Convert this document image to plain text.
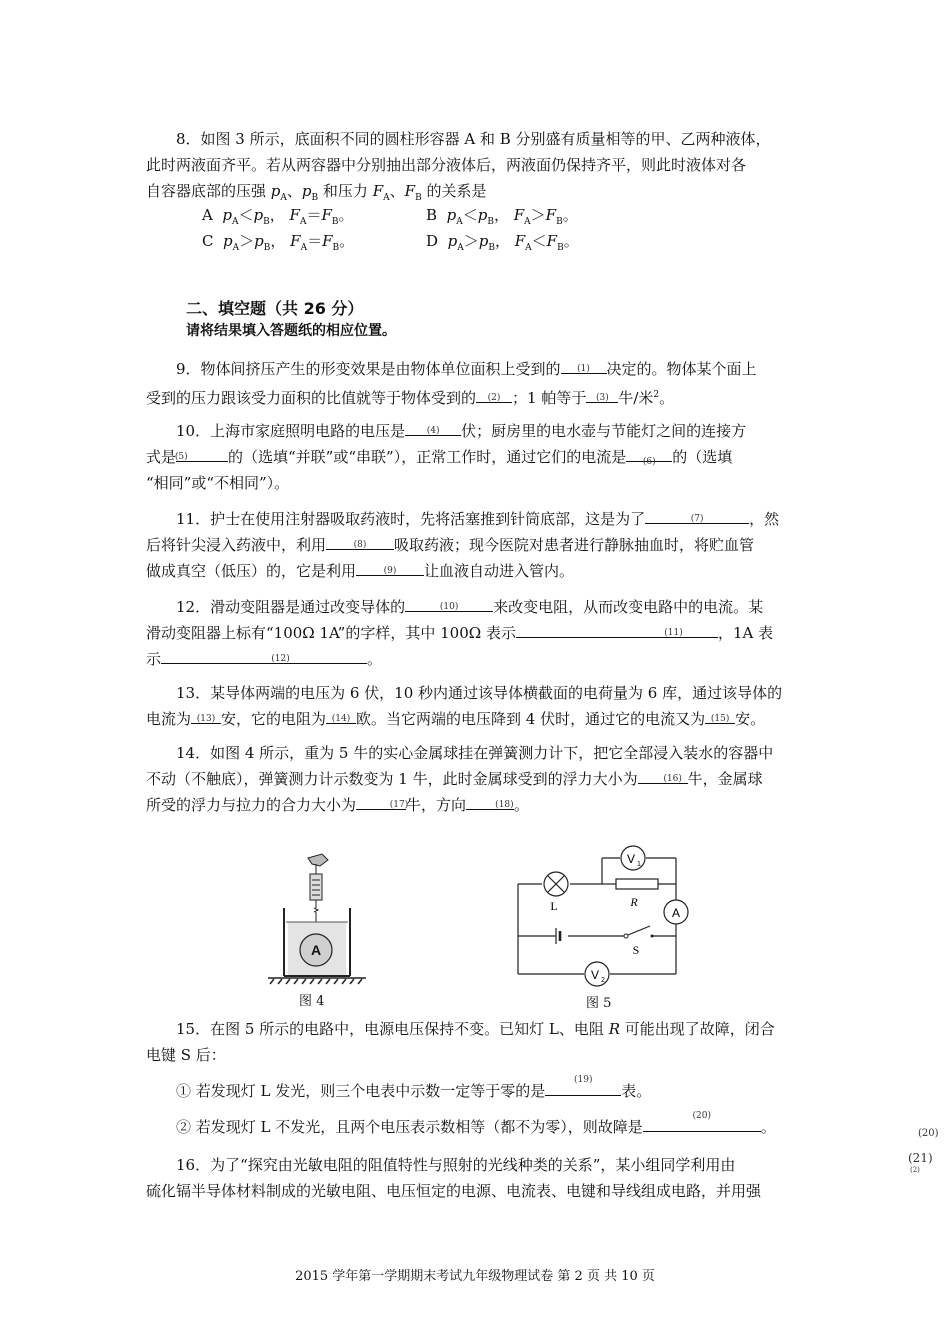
8．如图 3 所示，底面积不同的圆柱形容器 A 和 B 分别盛有质量相等的甲、乙两种液体，
此时两液面齐平。若从两容器中分别抽出部分液体后，两液面仍保持齐平，则此时液体对各
自容器底部的压强 $p_A$、$p_B$ 和压力 $F_A$、$F_B$ 的关系是
A $p_A<p_B$， $F_A=F_B$。	B $p_A<p_B$， $F_A>F_B$。
C $p_A>p_B$， $F_A=F_B$。	D $p_A>p_B$， $F_A<F_B$。
二、填空题（共 26 分）
请将结果填入答题纸的相应位置。
9．物体间挤压产生的形变效果是由物体单位面积上受到的 (1) 决定的。物体某个面上
受到的压力跟该受力面积的比值就等于物体受到的 (2) ；1 帕等于 (3) 牛/米$^2$。
10．上海市家庭照明电路的电压是 (4) 伏；厨房里的电水壶与节能灯之间的连接方
式是
(5)	的（选填“并联”或“串联”），正常工作时，通过它们的电流是 (6) 的（选填
“相同”或“不相同”）。
11．护士在使用注射器吸取药液时，先将活塞推到针筒底部，这是为了	(7)	，然
后将针尖浸入药液中，利用	(8) 吸取药液；现今医院对患者进行静脉抽血时，将贮血管
做成真空（低压）的，它是利用	(9) 让血液自动进入管内。
12．滑动变阻器是通过改变导体的	(10) 来改变电阻，从而改变电路中的电流。某
滑动变阻器上标有“100Ω 1A”的字样，其中 100Ω 表示	(11) ，1A 表
示	(12)	。
13．某导体两端的电压为 6 伏，10 秒内通过该导体横截面的电荷量为 6 库，通过该导体的
电流为 (13) 安，它的电阻为 (14) 欧。当它两端的电压降到 4 伏时，通过它的电流又为 (15) 安。
14．如图 4 所示，重为 5 牛的实心金属球挂在弹簧测力计下，把它全部浸入装水的容器中
不动（不触底），弹簧测力计示数变为 1 牛，此时金属球受到的浮力大小为	(16) 牛，金属球
所受的浮力与拉力的合力大小为	(17)
牛，方向	(18) 。
A
图 4
L	R
V 1
A
S
V 2
图 5
15．在图 5 所示的电路中，电源电压保持不变。已知灯 L、电阻 R 可能出现了故障，闭合
电键 S 后：
① 若发现灯 L 发光，则三个电表中示数一定等于零的是
(19)
表。
② 若发现灯 L 不发光，且两个电压表示数相等（都不为零），则故障是
(20)
。
16．为了“探究由光敏电阻的阻值特性与照射的光线种类的关系”，某小组同学利用由
硫化镉半导体材料制成的光敏电阻、电压恒定的电源、电流表、电键和导线组成电路，并用强
(20)
(21)
(2)
2015 学年第一学期期末考试九年级物理试卷 第 2 页 共 10 页
